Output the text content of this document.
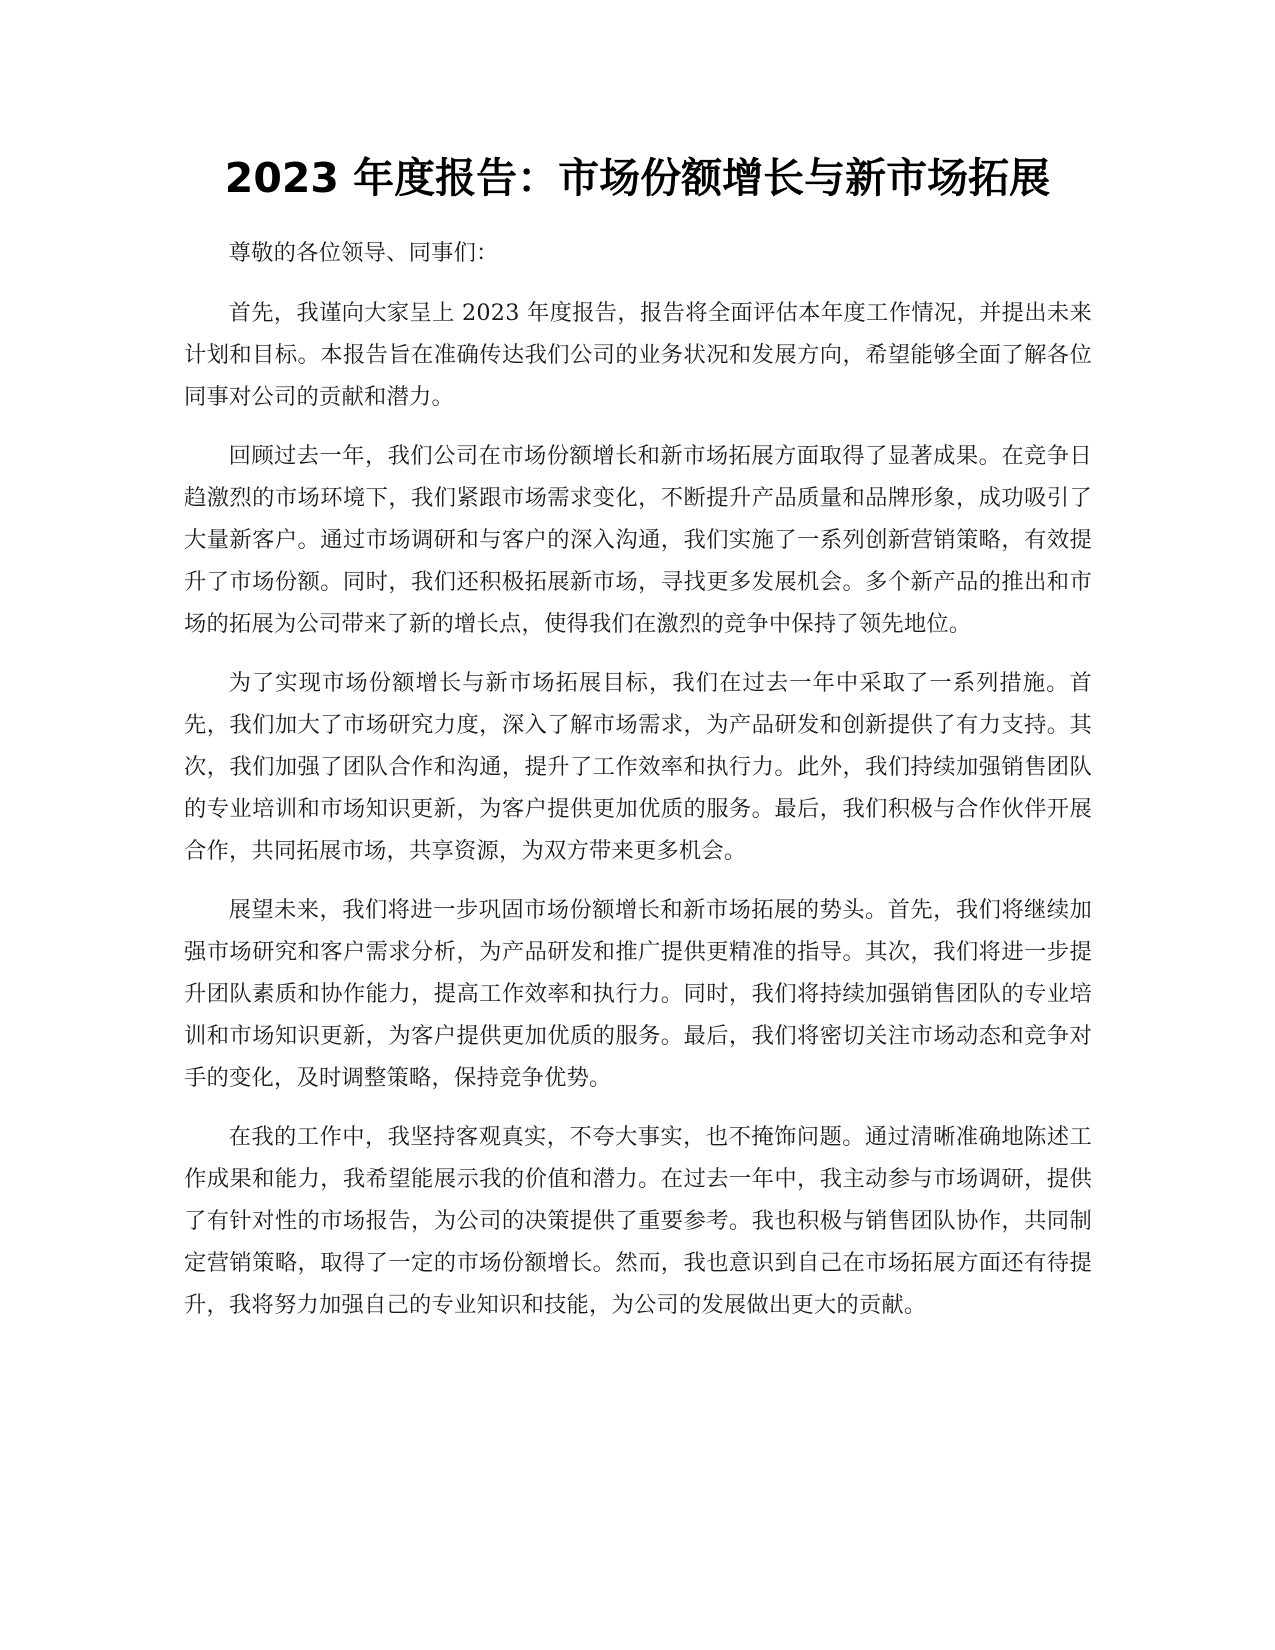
2023 年度报告：市场份额增长与新市场拓展

尊敬的各位领导、同事们：

首先，我谨向大家呈上 2023 年度报告，报告将全面评估本年度工作情况，并提出未来计划和目标。本报告旨在准确传达我们公司的业务状况和发展方向，希望能够全面了解各位同事对公司的贡献和潜力。

回顾过去一年，我们公司在市场份额增长和新市场拓展方面取得了显著成果。在竞争日趋激烈的市场环境下，我们紧跟市场需求变化，不断提升产品质量和品牌形象，成功吸引了大量新客户。通过市场调研和与客户的深入沟通，我们实施了一系列创新营销策略，有效提升了市场份额。同时，我们还积极拓展新市场，寻找更多发展机会。多个新产品的推出和市场的拓展为公司带来了新的增长点，使得我们在激烈的竞争中保持了领先地位。

为了实现市场份额增长与新市场拓展目标，我们在过去一年中采取了一系列措施。首先，我们加大了市场研究力度，深入了解市场需求，为产品研发和创新提供了有力支持。其次，我们加强了团队合作和沟通，提升了工作效率和执行力。此外，我们持续加强销售团队的专业培训和市场知识更新，为客户提供更加优质的服务。最后，我们积极与合作伙伴开展合作，共同拓展市场，共享资源，为双方带来更多机会。

展望未来，我们将进一步巩固市场份额增长和新市场拓展的势头。首先，我们将继续加强市场研究和客户需求分析，为产品研发和推广提供更精准的指导。其次，我们将进一步提升团队素质和协作能力，提高工作效率和执行力。同时，我们将持续加强销售团队的专业培训和市场知识更新，为客户提供更加优质的服务。最后，我们将密切关注市场动态和竞争对手的变化，及时调整策略，保持竞争优势。

在我的工作中，我坚持客观真实，不夸大事实，也不掩饰问题。通过清晰准确地陈述工作成果和能力，我希望能展示我的价值和潜力。在过去一年中，我主动参与市场调研，提供了有针对性的市场报告，为公司的决策提供了重要参考。我也积极与销售团队协作，共同制定营销策略，取得了一定的市场份额增长。然而，我也意识到自己在市场拓展方面还有待提升，我将努力加强自己的专业知识和技能，为公司的发展做出更大的贡献。
